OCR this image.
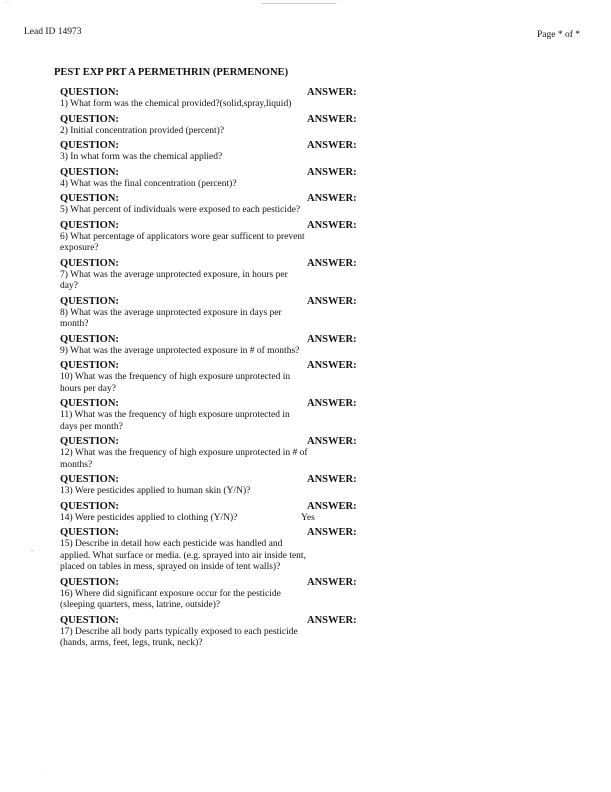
—	¨
Lead ID 14973	Page * of *
PEST EXP PRT A PERMETHRIN (PERMENONE)
QUESTION:	ANSWER:
1) What form was the chemical provided?(solid,spray,liquid)
QUESTION:	ANSWER:
2) Initial concentration provided (percent)?
QUESTION:	ANSWER:
3) In what form was the chemical applied?
QUESTION:	ANSWER:
4) What was the final concentration (percent)?
QUESTION:	ANSWER:
5) What percent of individuals were exposed to each pesticide?
QUESTION:	ANSWER:
6) What percentage of applicators wore gear sufficent to prevent exposure?
QUESTION:	ANSWER:
7) What was the average unprotected exposure, in hours per day?
QUESTION:	ANSWER:
8) What was the average unprotected exposure in days per month?
QUESTION:	ANSWER:
9) What was the average unprotected exposure in # of months?
QUESTION:	ANSWER:
10) What was the frequency of high exposure unprotected in hours per day?
QUESTION:	ANSWER:
11) What was the frequency of high exposure unprotected in days per month?
QUESTION:	ANSWER:
12) What was the frequency of high exposure unprotected in # of months?
QUESTION:	ANSWER:
13) Were pesticides applied to human skin (Y/N)?
QUESTION:	ANSWER:
14) Were pesticides applied to clothing (Y/N)?	Yes
QUESTION:	ANSWER:
15) Describe in detail how each pesticide was handled and applied. What surface or media. (e.g. sprayed into air inside tent, placed on tables in mess, sprayed on inside of tent walls)?
QUESTION:	ANSWER:
16) Where did significant exposure occur for the pesticide (sleeping quarters, mess, latrine, outside)?
QUESTION:	ANSWER:
17) Describe all body parts typically exposed to each pesticide (hands, arms, feet, legs, trunk, neck)?
-
·
